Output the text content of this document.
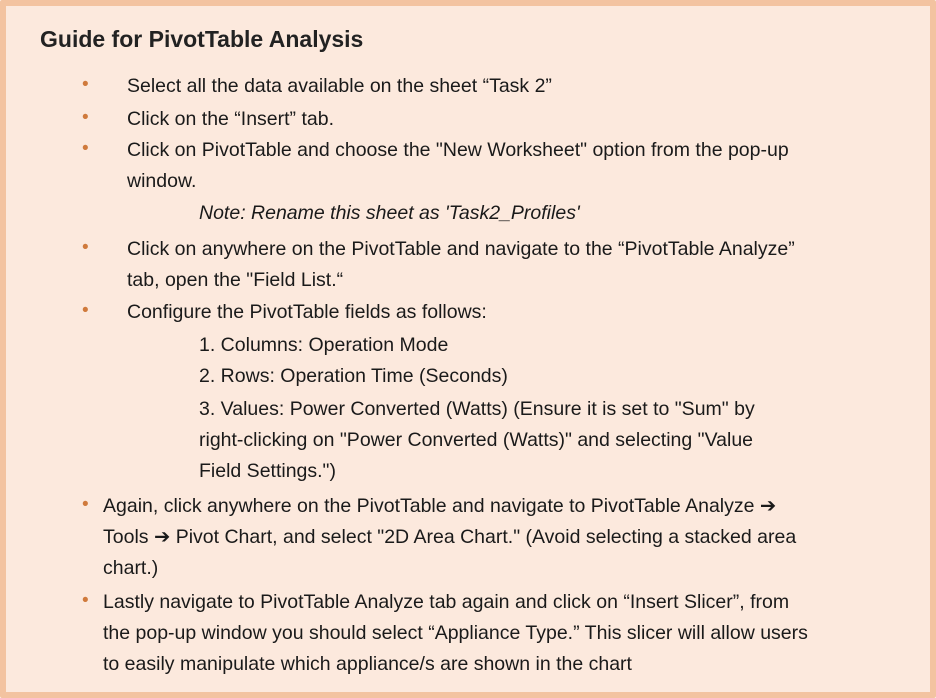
Guide for PivotTable Analysis
• Select all the data available on the sheet “Task 2”
• Click on the “Insert” tab.
• Click on PivotTable and choose the "New Worksheet" option from the pop-up
window.
Note: Rename this sheet as 'Task2_Profiles'
• Click on anywhere on the PivotTable and navigate to the “PivotTable Analyze”
tab, open the "Field List.“
• Configure the PivotTable fields as follows:
1. Columns: Operation Mode
2. Rows: Operation Time (Seconds)
3. Values: Power Converted (Watts) (Ensure it is set to "Sum" by
right-clicking on "Power Converted (Watts)" and selecting "Value
Field Settings.")
• Again, click anywhere on the PivotTable and navigate to PivotTable Analyze ➔
Tools ➔ Pivot Chart, and select "2D Area Chart." (Avoid selecting a stacked area
chart.)
• Lastly navigate to PivotTable Analyze tab again and click on “Insert Slicer”, from
the pop-up window you should select “Appliance Type.” This slicer will allow users
to easily manipulate which appliance/s are shown in the chart
